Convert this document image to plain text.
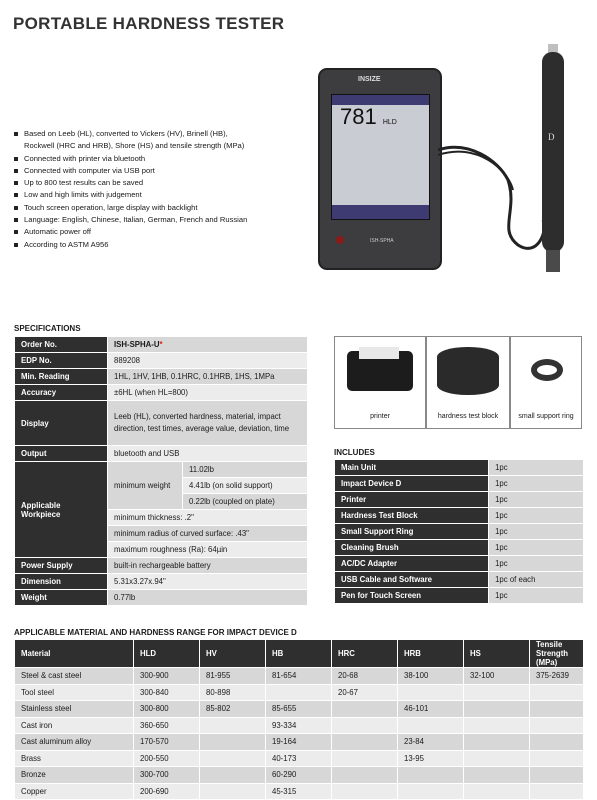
PORTABLE HARDNESS TESTER
Based on Leeb (HL), converted to Vickers (HV), Brinell (HB), Rockwell (HRC and HRB), Shore (HS) and tensile strength (MPa)
Connected with printer via bluetooth
Connected with computer via USB port
Up to 800 test results can be saved
Low and high limits with judgement
Touch screen operation, large display with backlight
Language: English, Chinese, Italian, German, French and Russian
Automatic power off
According to ASTM A956
INSIZE
781 HLD
ISH-SPHA
D
SPECIFICATIONS
Order No.	ISH-SPHA-U*	
EDP No.	889208	
Min. Reading	1HL, 1HV, 1HB, 0.1HRC, 0.1HRB, 1HS, 1MPa	
Accuracy	±6HL (when HL=800)	
Display	Leeb (HL), converted hardness, material, impact direction, test times, average value, deviation, time	
Output	bluetooth and USB	
Applicable Workpiece	minimum weight	11.02lb
		4.41lb (on solid support)
		0.22lb (coupled on plate)
	minimum thickness: .2"	
	minimum radius of curved surface: .43"	
	maximum roughness (Ra): 64µin	
Power Supply	built-in rechargeable battery	
Dimension	5.31x3.27x.94"	
Weight	0.77lb	
printer	hardness test block	small support ring
INCLUDES
Main Unit	1pc
Impact Device D	1pc
Printer	1pc
Hardness Test Block	1pc
Small Support Ring	1pc
Cleaning Brush	1pc
AC/DC Adapter	1pc
USB Cable and Software	1pc of each
Pen for Touch Screen	1pc
APPLICABLE MATERIAL AND HARDNESS RANGE FOR IMPACT DEVICE D
Material	HLD	HV	HB	HRC	HRB	HS	Tensile Strength (MPa)
Steel & cast steel	300-900	81-955	81-654	20-68	38-100	32-100	375-2639
Tool steel	300-840	80-898		20-67			
Stainless steel	300-800	85-802	85-655		46-101		
Cast iron	360-650		93-334				
Cast aluminum alloy	170-570		19-164		23-84		
Brass	200-550		40-173		13-95		
Bronze	300-700		60-290				
Copper	200-690		45-315				
